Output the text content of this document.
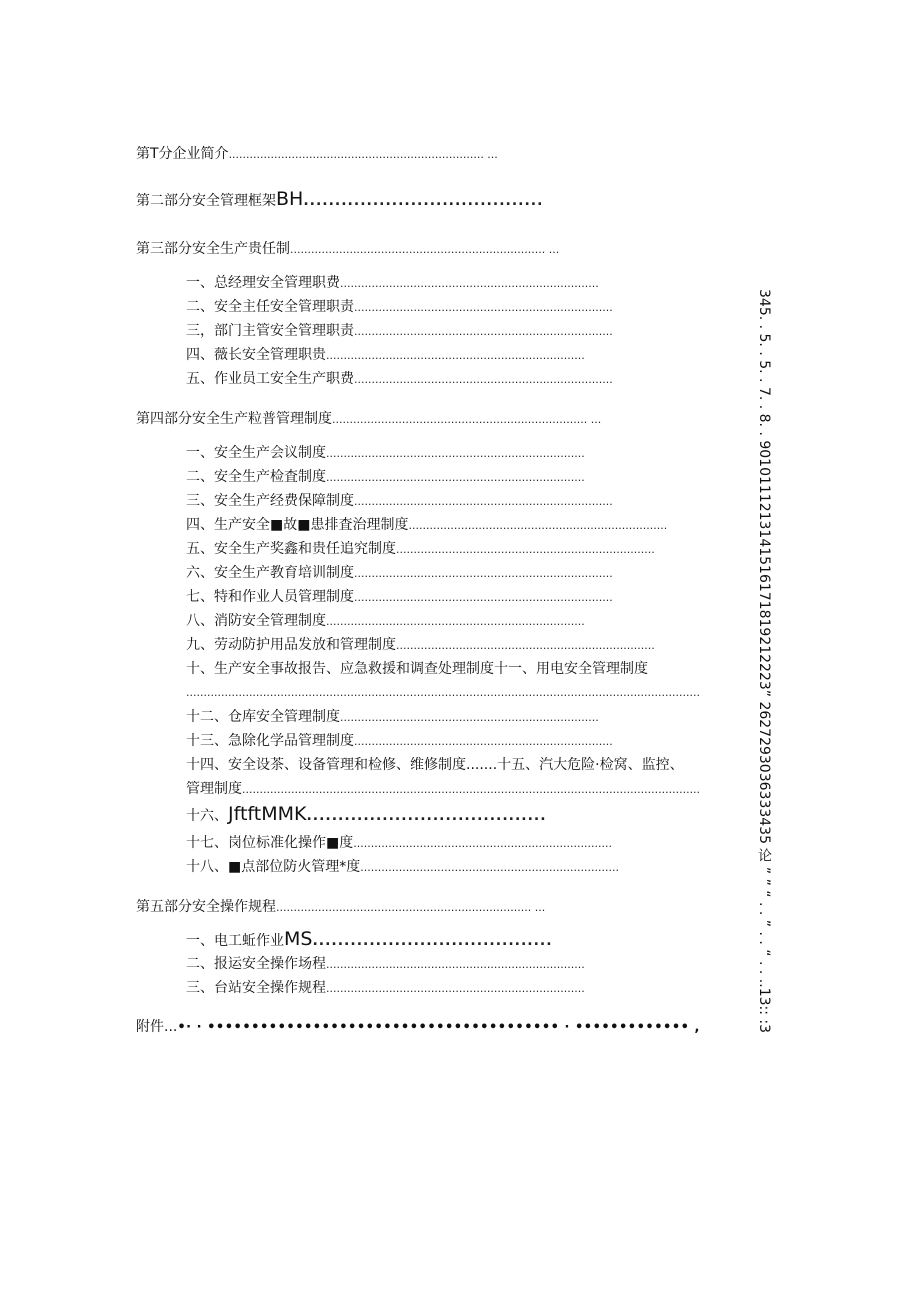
第T分企业简介 ......................................................................... ...
第二部分安全管理框架 BH ......................................
第三部分安全生产贵任制 ......................................................................... ...
一、总经理安全管理职费 ..........................................................................
二、安全主任安全管理职责 ..........................................................................
三，部门主管安全管理职责 ..........................................................................
四、薇长安全管理职贵 ..........................................................................
五、作业员工安全生产职费 ..........................................................................
第四部分安全生产粒普管理制度 ......................................................................... ...
一、安全生产会议制度 ..........................................................................
二、安全生产检査制度 ..........................................................................
三、安全生产经费保障制度 ..........................................................................
四、生产安全■故■患排査治理制度 ..........................................................................
五、安全生产奖鑫和贵任追究制度 ..........................................................................
六、安全生产教育培训制度 ..........................................................................
七、特和作业人员管理制度 ..........................................................................
八、消防安全管理制度 ..........................................................................
九、劳动防护用品发放和管理制度 ..........................................................................
十、生产安全事故报告、应急救援和调查处理制度十一、用电安全管理制度
...................................................................................................................................................
十二、仓库安全管理制度 ..........................................................................
十三、急除化学品管理制度 ..........................................................................
十四、安全设茶、设备管理和检修、维修制度.......十五、汽大危险·检窝、监控、
管理制度 ...................................................................................................................................
十六、 JftftMMK ......................................
十七、岗位标准化操作■度 ..........................................................................
十八、■点部位防火管理*度 ..........................................................................
第五部分安全操作规程 ......................................................................... ...
一、电工蚯作业 MS ......................................
二、报运安全操作场程 ..........................................................................
三、台站安全操作规程 ..........................................................................
附件... •· · •••••••••••••••••••••••••••••••••••••••• · ••••••••••••• ,	345. . 5. . 5. . 7. . 8. . 9010111213141516171819212223” 2627293036333435 论 ” ” “ . . ” . . “ . . ..13:: :3
